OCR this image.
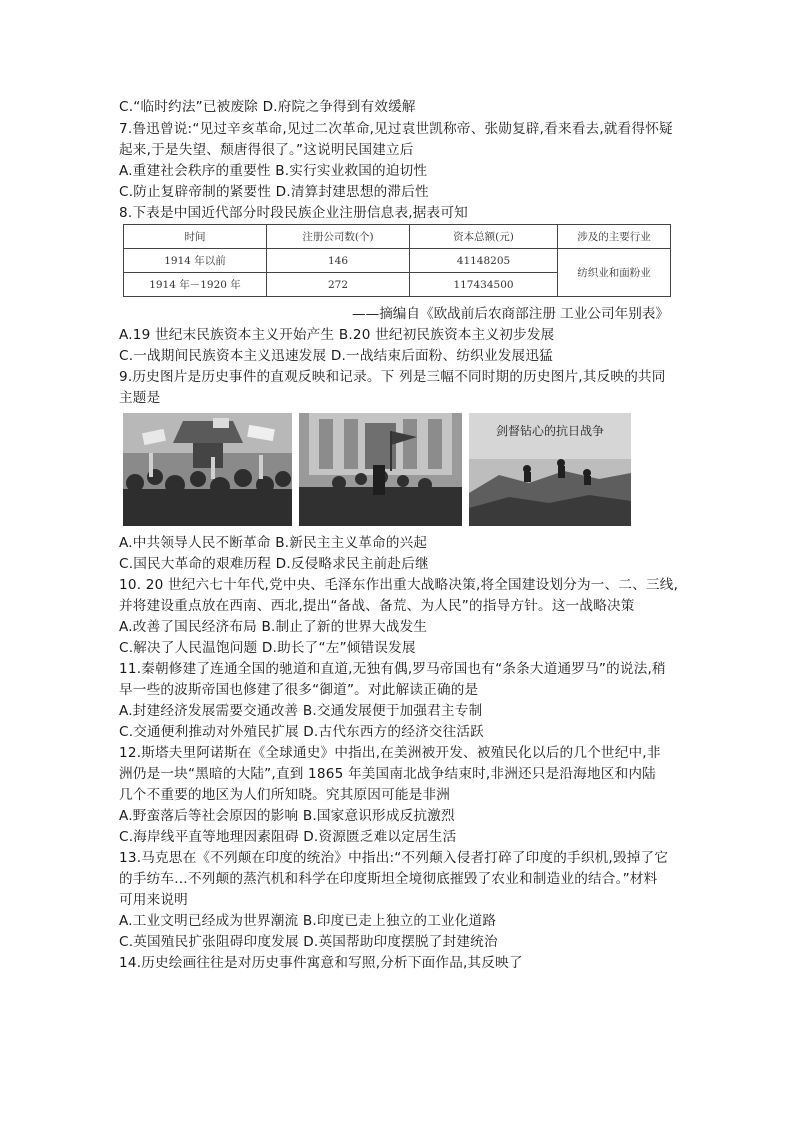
C.“临时约法”已被废除 D.府院之争得到有效缓解
7.鲁迅曾说:“见过辛亥革命,见过二次革命,见过袁世凯称帝、张勋复辟,看来看去,就看得怀疑
起来,于是失望、颓唐得很了。”这说明民国建立后
A.重建社会秩序的重要性 B.实行实业救国的迫切性
C.防止复辟帝制的紧要性 D.清算封建思想的滞后性
8.下表是中国近代部分时段民族企业注册信息表,据表可知
时间	注册公司数(个)	资本总额(元)	涉及的主要行业
1914 年以前	146	41148205	纺织业和面粉业
1914 年－1920 年	272	117434500	
——摘编自《欧战前后农商部注册 工业公司年别表》
A.19 世纪末民族资本主义开始产生 B.20 世纪初民族资本主义初步发展
C.一战期间民族资本主义迅速发展 D.一战结束后面粉、纺织业发展迅猛
9.历史图片是历史事件的直观反映和记录。下 列是三幅不同时期的历史图片,其反映的共同
主题是
剑督钻心的抗日战争
A.中共领导人民不断革命 B.新民主主义革命的兴起
C.国民大革命的艰难历程 D.反侵略求民主前赴后继
10. 20 世纪六七十年代,党中央、毛泽东作出重大战略决策,将全国建设划分为一、二、三线,
并将建设重点放在西南、西北,提出“备战、备荒、为人民”的指导方针。这一战略决策
A.改善了国民经济布局 B.制止了新的世界大战发生
C.解决了人民温饱问题 D.助长了“左”倾错误发展
11.秦朝修建了连通全国的驰道和直道,无独有偶,罗马帝国也有“条条大道通罗马”的说法,稍
早一些的波斯帝国也修建了很多“御道”。对此解读正确的是
A.封建经济发展需要交通改善 B.交通发展便于加强君主专制
C.交通便利推动对外殖民扩展 D.古代东西方的经济交往活跃
12.斯塔夫里阿诺斯在《全球通史》中指出,在美洲被开发、被殖民化以后的几个世纪中,非
洲仍是一块“黑暗的大陆”,直到 1865 年美国南北战争结束时,非洲还只是沿海地区和内陆
几个不重要的地区为人们所知晓。究其原因可能是非洲
A.野蛮落后等社会原因的影响 B.国家意识形成反抗激烈
C.海岸线平直等地理因素阻碍 D.资源匮乏难以定居生活
13.马克思在《不列颠在印度的统治》中指出:“不列颠入侵者打碎了印度的手织机,毁掉了它
的手纺车…不列颠的蒸汽机和科学在印度斯坦全境彻底摧毁了农业和制造业的结合。”材料
可用来说明
A.工业文明已经成为世界潮流 B.印度已走上独立的工业化道路
C.英国殖民扩张阻碍印度发展 D.英国帮助印度摆脱了封建统治
14.历史绘画往往是对历史事件寓意和写照,分析下面作品,其反映了
